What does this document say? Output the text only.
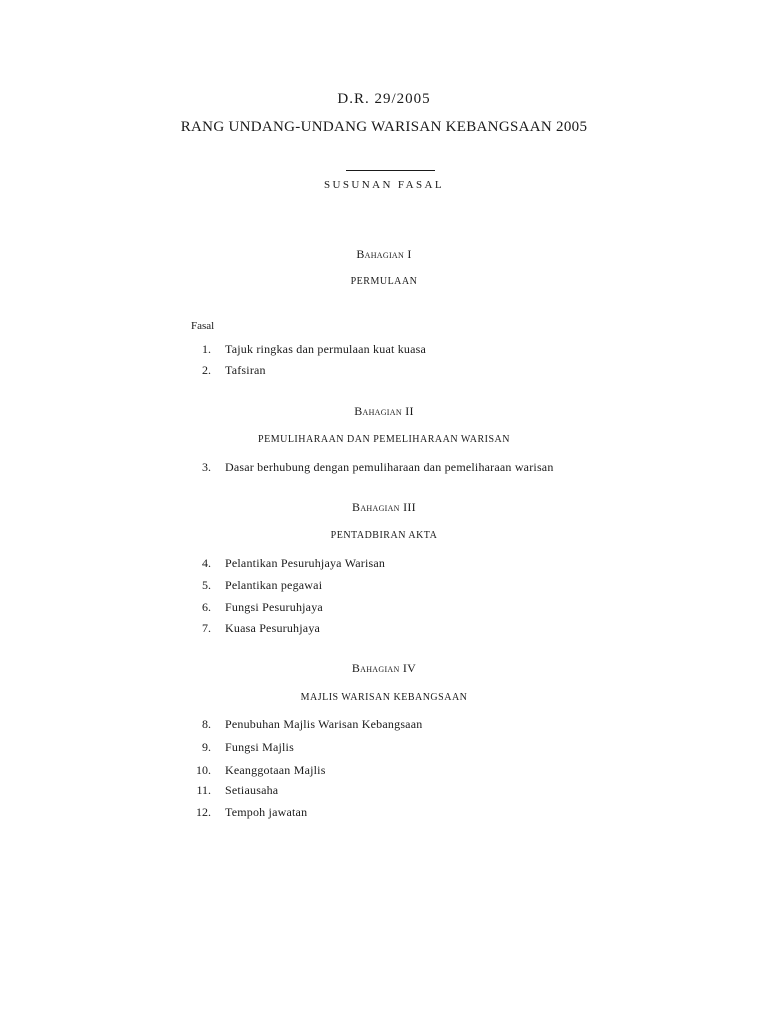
D.R. 29/2005
RANG UNDANG-UNDANG WARISAN KEBANGSAAN 2005
SUSUNAN FASAL
Bahagian I
PERMULAAN
Fasal
1. Tajuk ringkas dan permulaan kuat kuasa
2. Tafsiran
Bahagian II
PEMULIHARAAN DAN PEMELIHARAAN WARISAN
3. Dasar berhubung dengan pemuliharaan dan pemeliharaan warisan
Bahagian III
PENTADBIRAN AKTA
4. Pelantikan Pesuruhjaya Warisan
5. Pelantikan pegawai
6. Fungsi Pesuruhjaya
7. Kuasa Pesuruhjaya
Bahagian IV
MAJLIS WARISAN KEBANGSAAN
8. Penubuhan Majlis Warisan Kebangsaan
9. Fungsi Majlis
10. Keanggotaan Majlis
11. Setiausaha
12. Tempoh jawatan
